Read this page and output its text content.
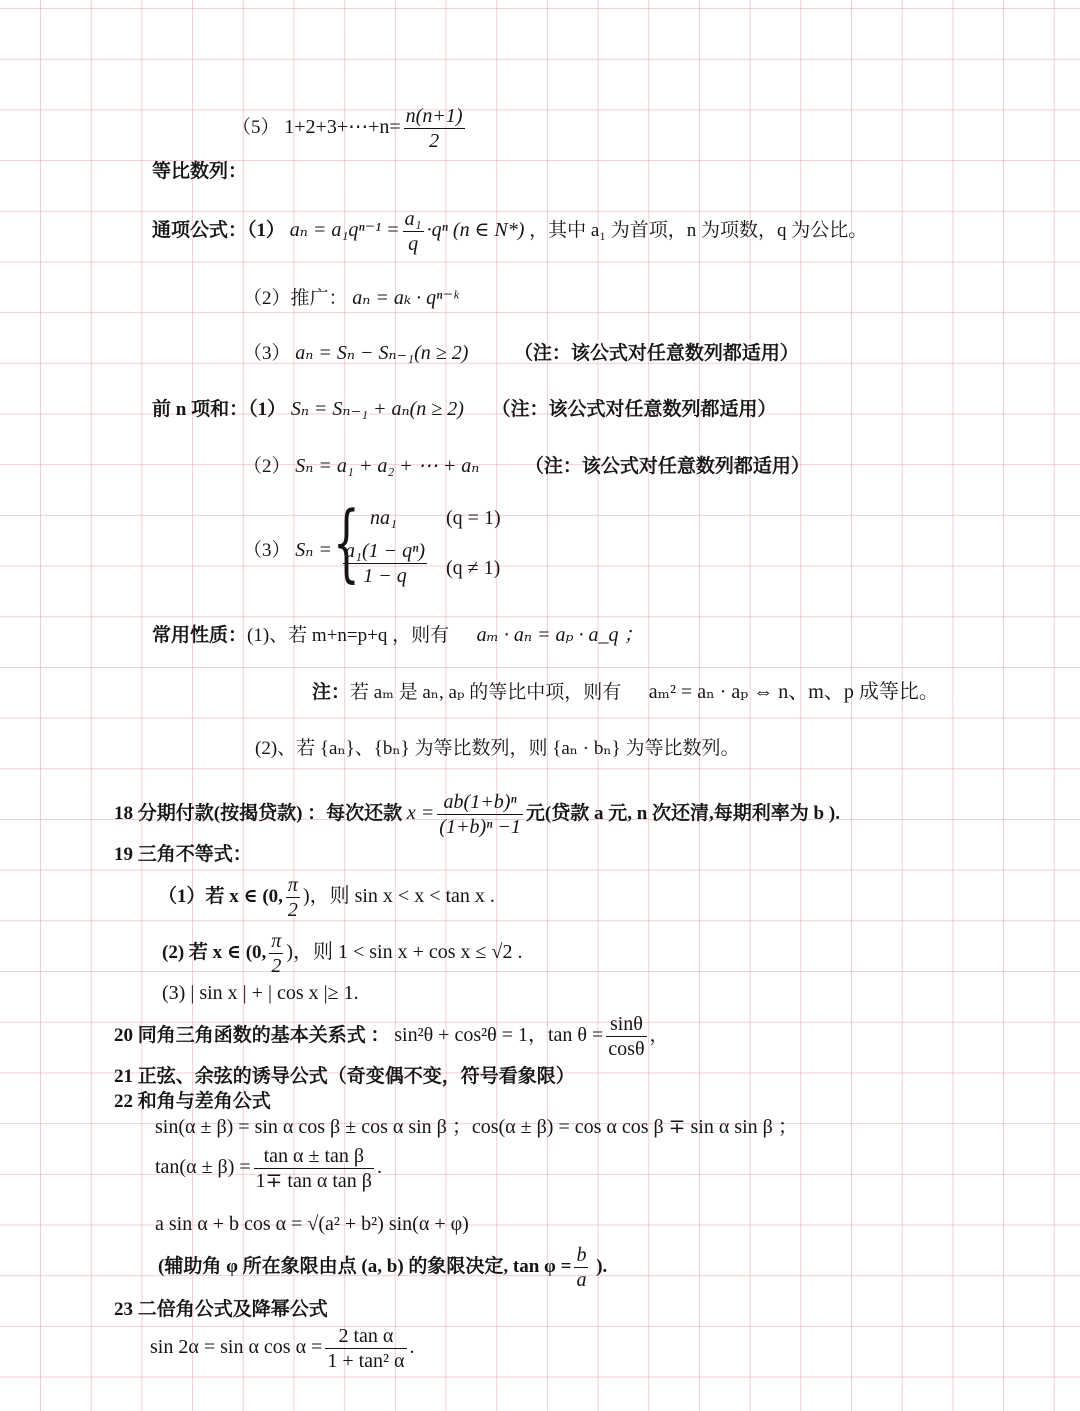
（5） 1+2+3+⋯+n= $\frac{n(n+1)}{2}$
等比数列：
通项公式：（1） $a_n = a_1q^{n-1} = \frac{\text{a₁}}{q} \cdot q^n$ (n ∈ N*) ，其中 a₁ 为首项，n 为项数，q 为公比。
（2）推广： aₙ = aₖ · qⁿ⁻ᵏ
（3） aₙ = Sₙ − Sₙ₋₁(n ≥ 2) （注：该公式对任意数列都适用）
前 n 项和：（1） Sₙ = Sₙ₋₁ + aₙ(n ≥ 2) （注：该公式对任意数列都适用）
（2） Sₙ = a₁ + a₂ + ⋯ + aₙ （注：该公式对任意数列都适用）
（3） Sₙ = { na₁ (q = 1)
$\frac{\text{a₁(1 − qⁿ)}}{1 - q} (q \ne 1)$
常用性质：(1)、若 m+n=p+q ，则有 aₘ · aₙ = aₚ · a_q ；
注：若 aₘ 是 aₙ, aₚ 的等比中项，则有 aₘ² = aₙ · aₚ ⇔ n、m、p 成等比。
(2)、若 {aₙ}、{bₙ} 为等比数列，则 {aₙ · bₙ} 为等比数列。
18 分期付款(按揭贷款) ：每次还款 $x = \frac{\text{ab(1+b)ⁿ}}{\text{(1+b)ⁿ −1}}$ 元(贷款 a 元, n 次还清,每期利率为 b ).
19 三角不等式：
（1）若 x ∈ (0, $\frac{\pi}{2}$ )，则 sin x < x < tan x .
(2) 若 x ∈ (0, $\frac{\pi}{2}$ )，则 1 < sin x + cos x ≤ √2 .
(3) | sin x | + | cos x |≥ 1.
20 同角三角函数的基本关系式 ： sin²θ + cos²θ = 1，$\tan \theta = \frac{\sin\theta}{\cos\theta}$ ，
21 正弦、余弦的诱导公式（奇变偶不变，符号看象限）
22 和角与差角公式
sin(α ± β) = sin α cos β ± cos α sin β ；cos(α ± β) = cos α cos β ∓ sin α sin β ；
$\tan(\alpha \pm \beta) = \frac{\text{tan α ± tan β}}{\text{1∓ tan α tan β}}$ .
a sin α + b cos α = √(a² + b²) sin(α + φ)
(辅助角 φ 所在象限由点 (a, b) 的象限决定, $\tan \varphi = \frac{b}{a}$ ).
23 二倍角公式及降幂公式
sin 2α = sin α $\cos \alpha = \frac{\text{2 tan α}}{\text{1 + tan² α}}$ .
